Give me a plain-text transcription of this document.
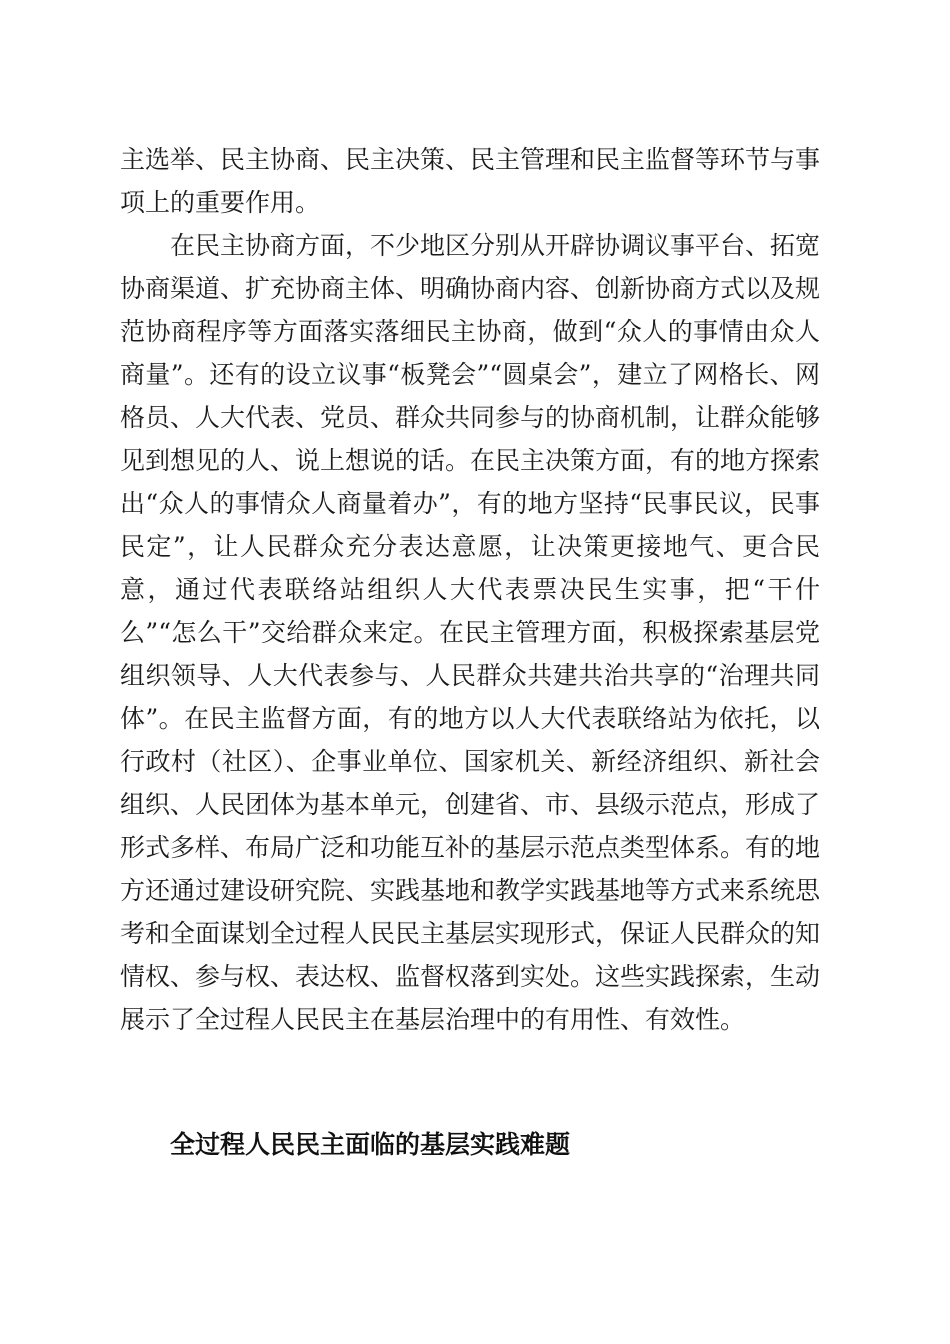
主选举、民主协商、民主决策、民主管理和民主监督等环节与事项上的重要作用。

在民主协商方面，不少地区分别从开辟协调议事平台、拓宽协商渠道、扩充协商主体、明确协商内容、创新协商方式以及规范协商程序等方面落实落细民主协商，做到“众人的事情由众人商量”。还有的设立议事“板凳会”“圆桌会”，建立了网格长、网格员、人大代表、党员、群众共同参与的协商机制，让群众能够见到想见的人、说上想说的话。在民主决策方面，有的地方探索出“众人的事情众人商量着办”，有的地方坚持“民事民议，民事民定”，让人民群众充分表达意愿，让决策更接地气、更合民意，通过代表联络站组织人大代表票决民生实事，把“干什么”“怎么干”交给群众来定。在民主管理方面，积极探索基层党组织领导、人大代表参与、人民群众共建共治共享的“治理共同体”。在民主监督方面，有的地方以人大代表联络站为依托，以行政村（社区）、企事业单位、国家机关、新经济组织、新社会组织、人民团体为基本单元，创建省、市、县级示范点，形成了形式多样、布局广泛和功能互补的基层示范点类型体系。有的地方还通过建设研究院、实践基地和教学实践基地等方式来系统思考和全面谋划全过程人民民主基层实现形式，保证人民群众的知情权、参与权、表达权、监督权落到实处。这些实践探索，生动展示了全过程人民民主在基层治理中的有用性、有效性。

全过程人民民主面临的基层实践难题
